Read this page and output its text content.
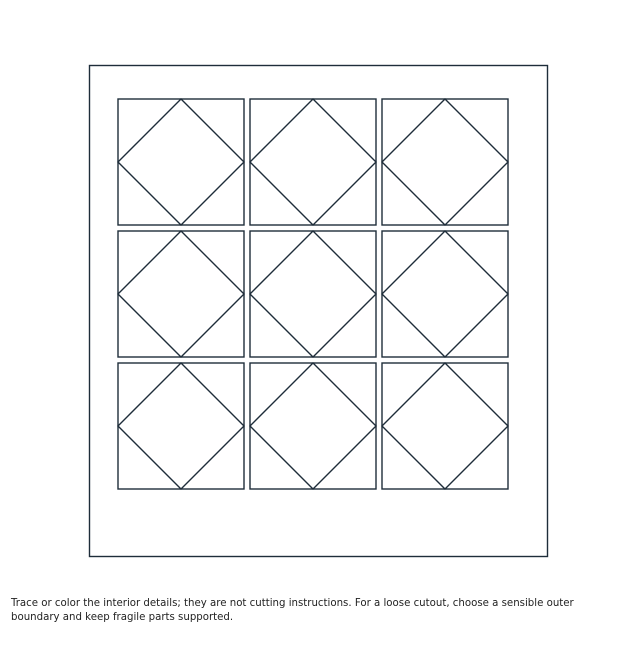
Trace or color the interior details; they are not cutting instructions. For a loose cutout, choose a sensible outer boundary and keep fragile parts supported.
